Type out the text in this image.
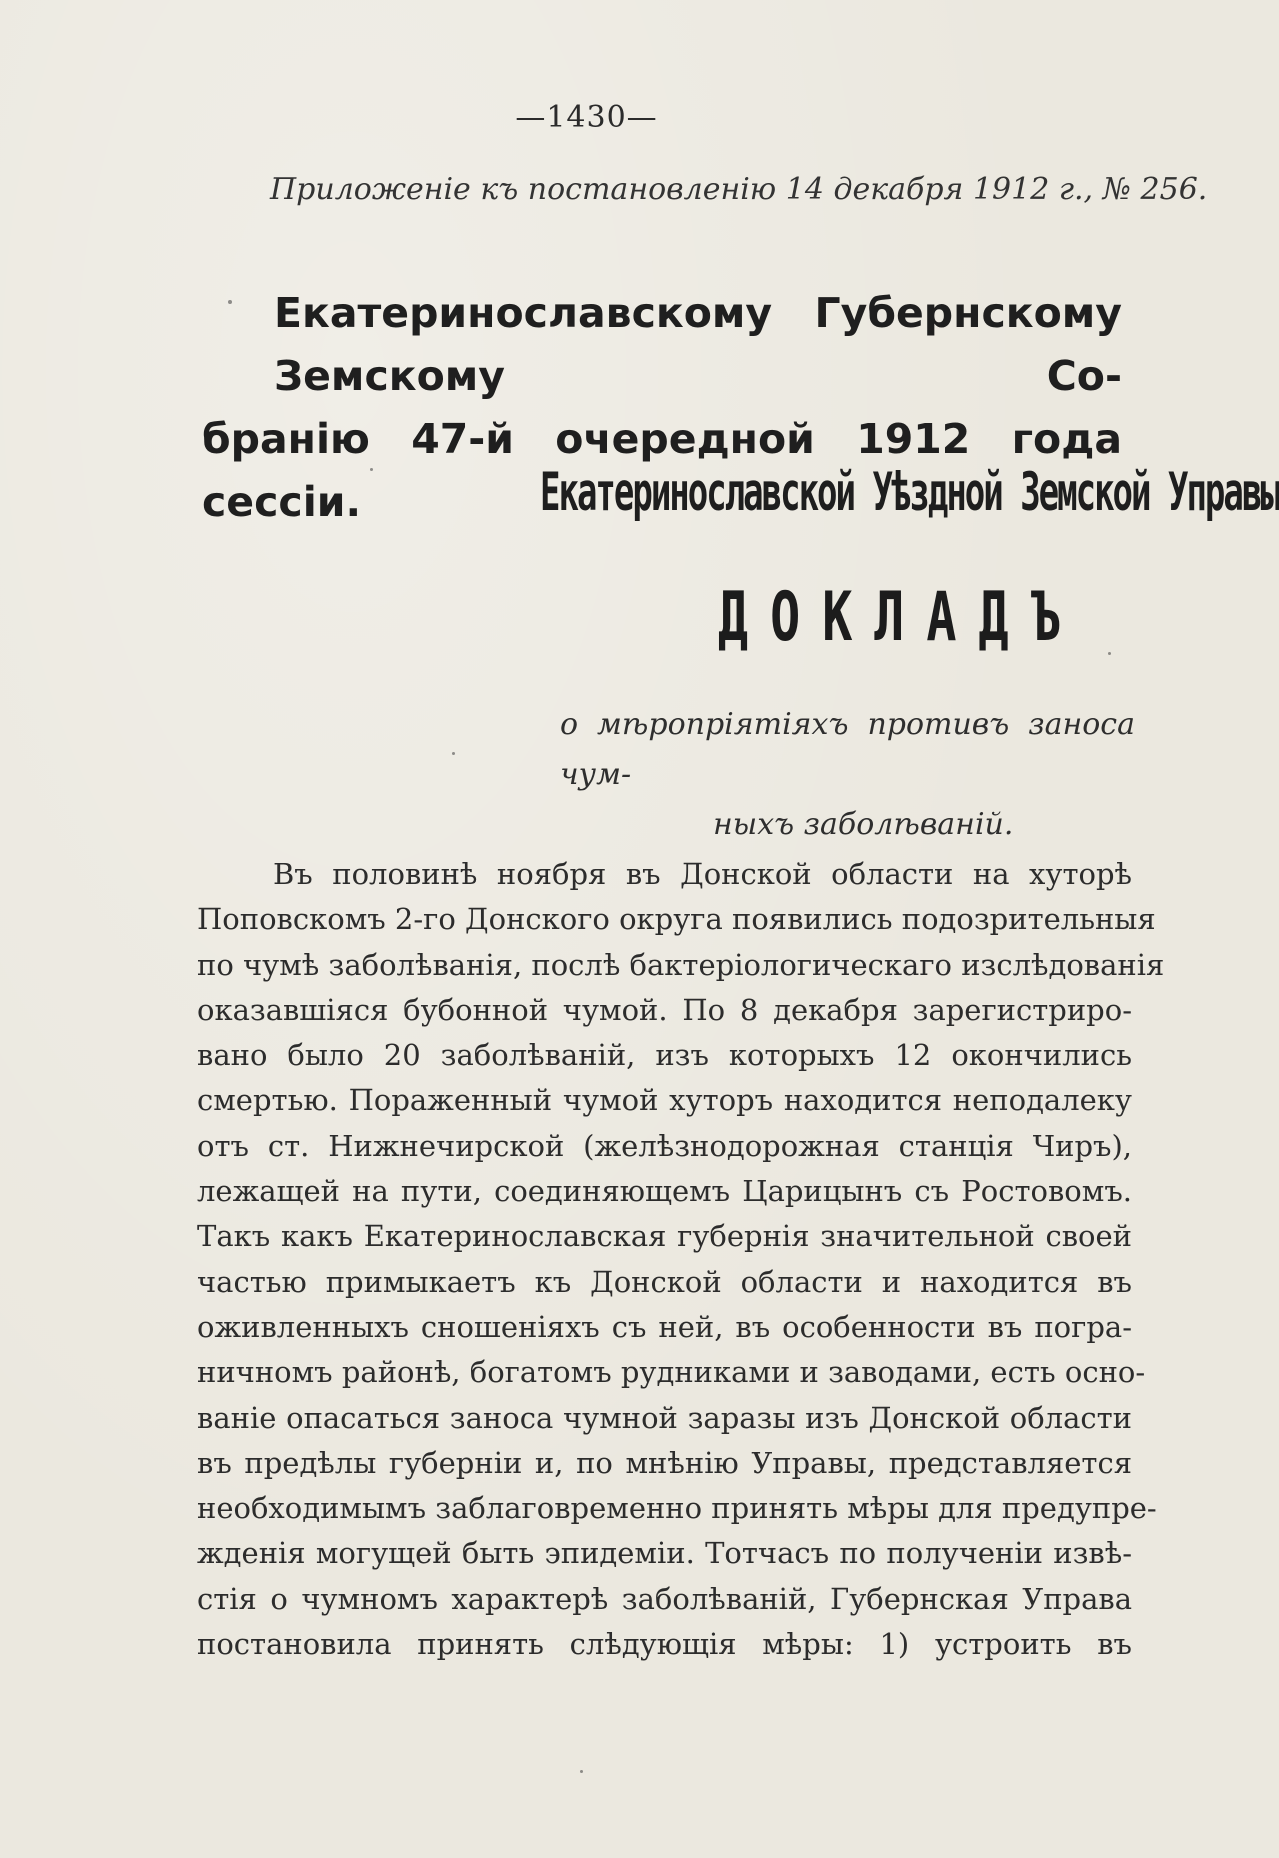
—1430—
Приложеніе къ постановленію 14 декабря 1912 г., № 256.
Екатеринославскому Губернскому Земскому Со-
бранію 47-й очередной 1912 года сессіи.	Екатеринославской Уѣздной Земской Управы
ДОКЛАДЪ
о мѣропріятіяхъ противъ заноса чум-
ныхъ заболѣваній.
Въ половинѣ ноября въ Донской области на хуторѣ
Поповскомъ 2-го Донского округа появились подозрительныя
по чумѣ заболѣванія, послѣ бактеріологическаго изслѣдованія
оказавшіяся бубонной чумой. По 8 декабря зарегистриро-
вано было 20 заболѣваній, изъ которыхъ 12 окончились
смертью. Пораженный чумой хуторъ находится неподалеку
отъ ст. Нижнечирской (желѣзнодорожная станція Чиръ),
лежащей на пути, соединяющемъ Царицынъ съ Ростовомъ.
Такъ какъ Екатеринославская губернія значительной своей
частью примыкаетъ къ Донской области и находится въ
оживленныхъ сношеніяхъ съ ней, въ особенности въ погра-
ничномъ районѣ, богатомъ рудниками и заводами, есть осно-
ваніе опасаться заноса чумной заразы изъ Донской области
въ предѣлы губерніи и, по мнѣнію Управы, представляется
необходимымъ заблаговременно принять мѣры для предупре-
жденія могущей быть эпидеміи. Тотчасъ по полученіи извѣ-
стія о чумномъ характерѣ заболѣваній, Губернская Управа
постановила принять слѣдующія мѣры: 1) устроить въ
